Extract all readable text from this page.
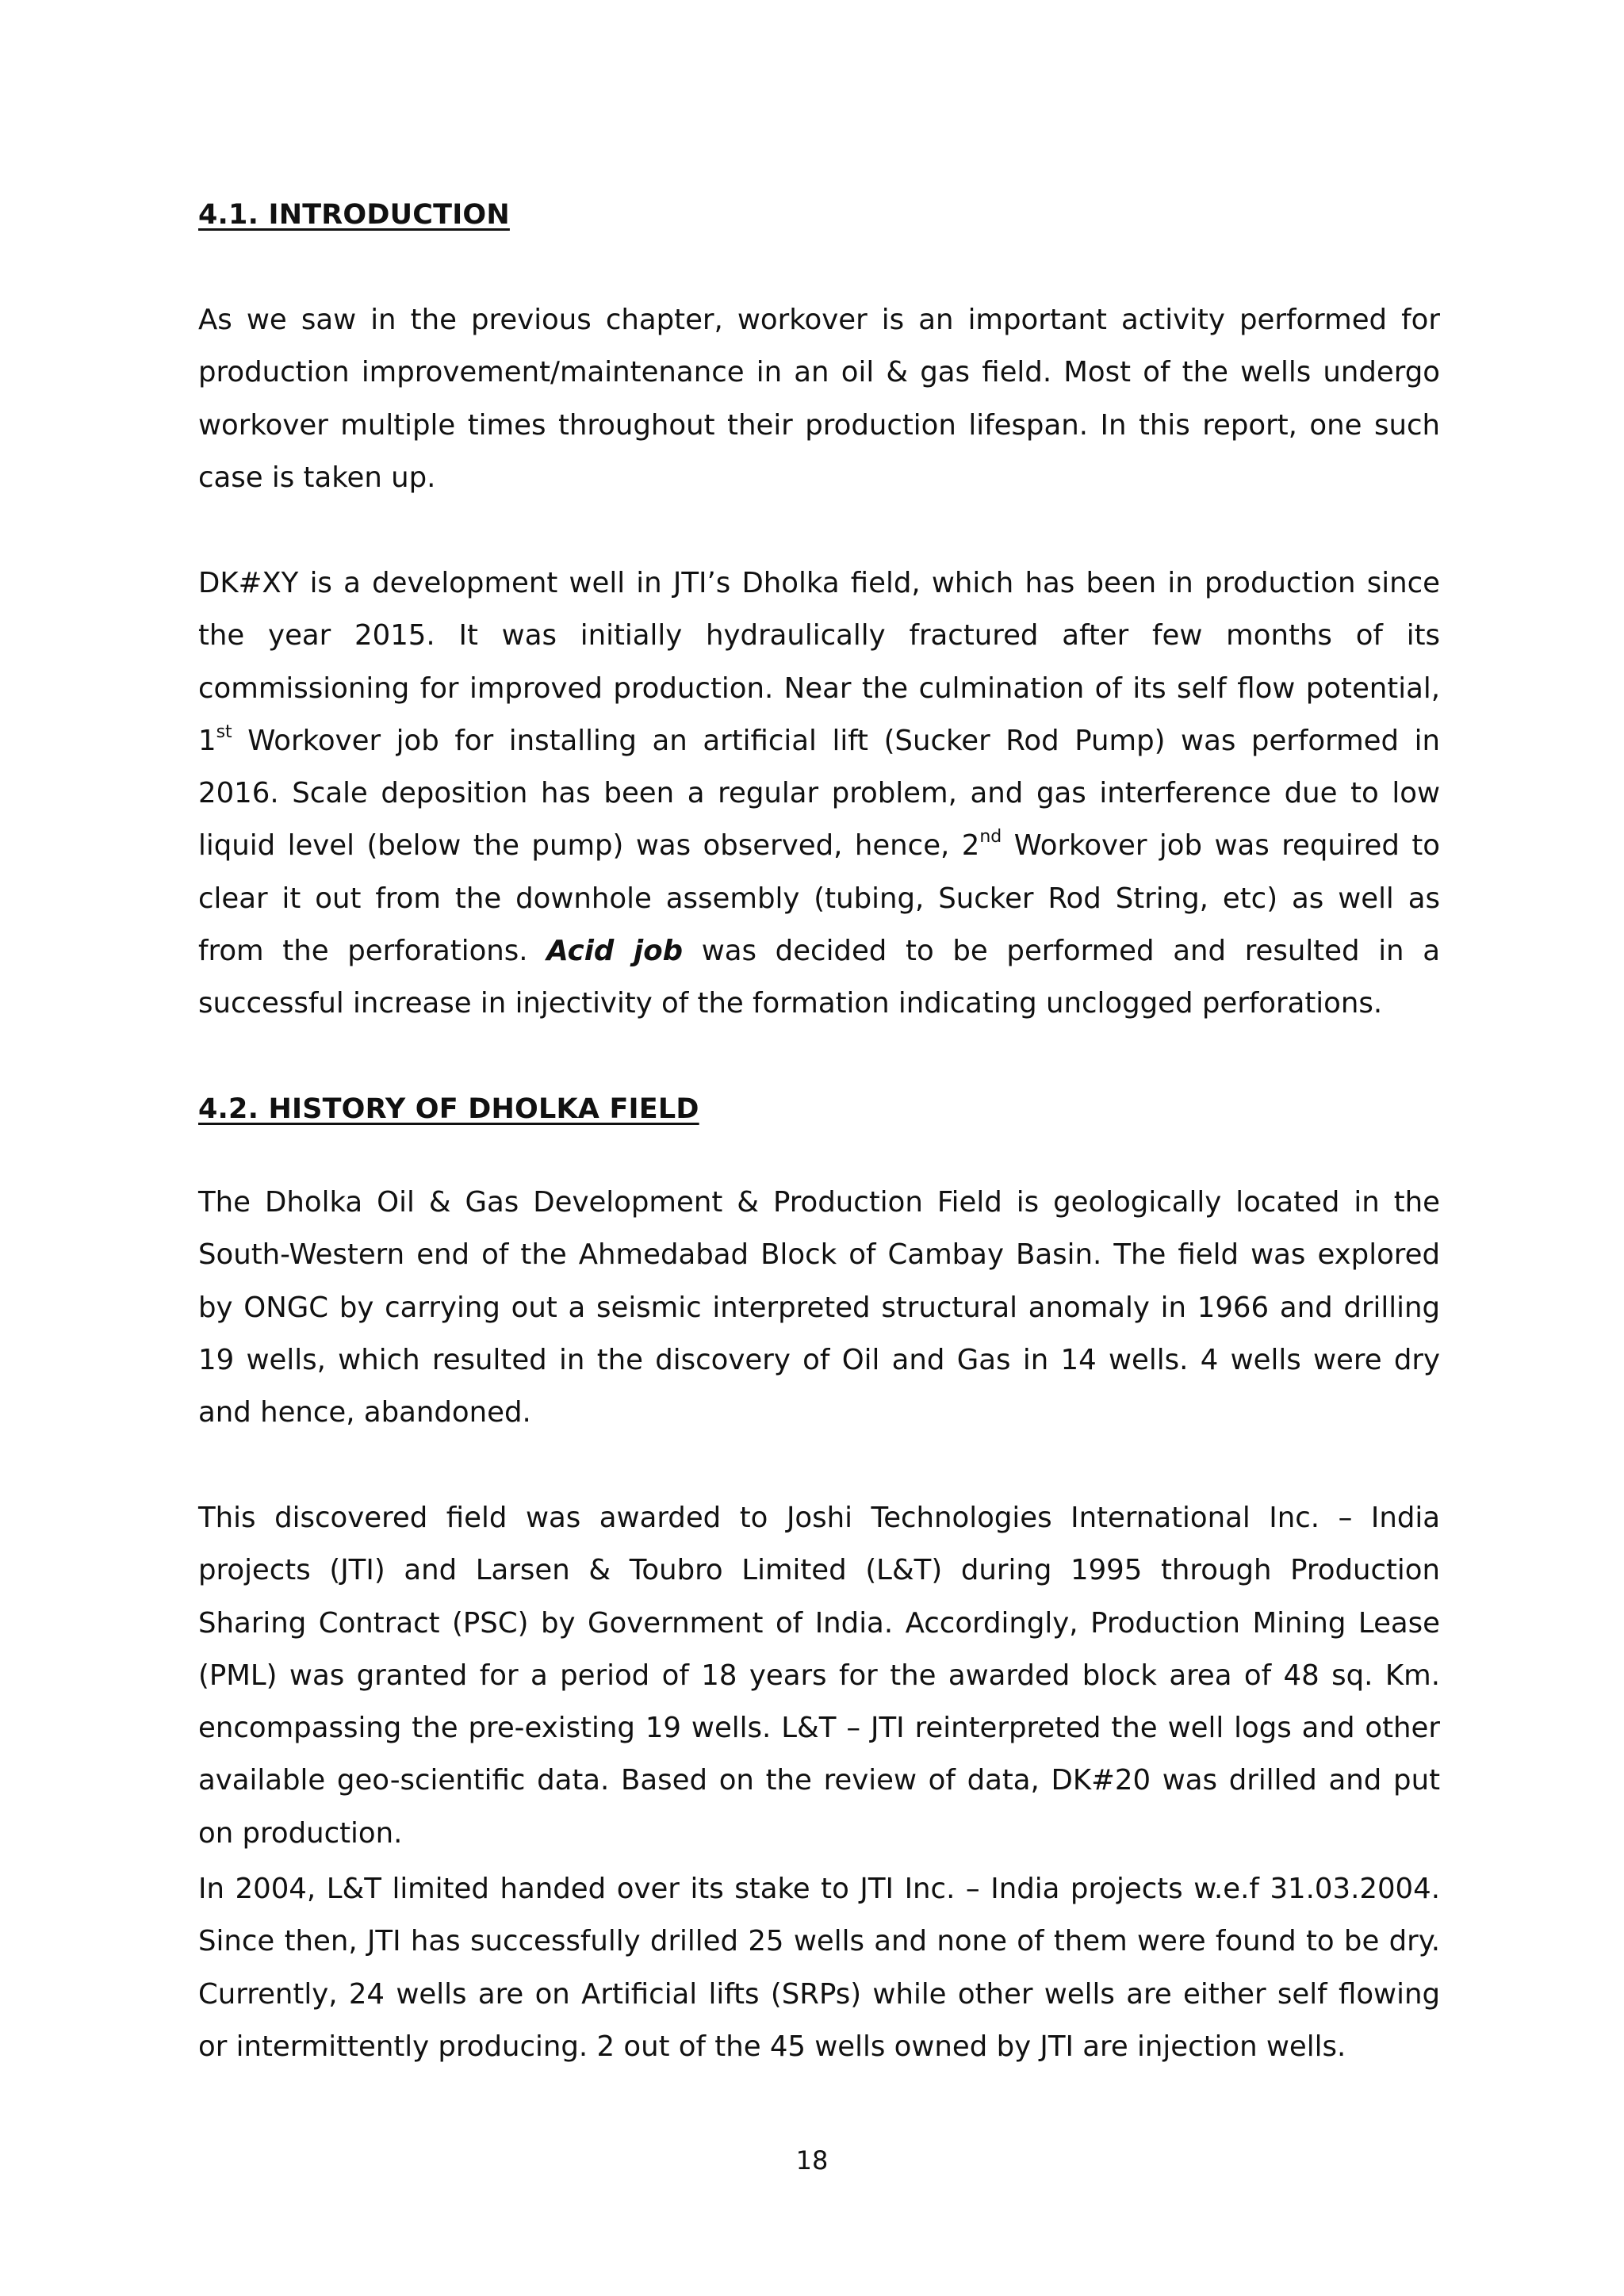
4.1. INTRODUCTION

As we saw in the previous chapter, workover is an important activity performed for production improvement/maintenance in an oil & gas field. Most of the wells undergo workover multiple times throughout their production lifespan. In this report, one such case is taken up.

DK#XY is a development well in JTI’s Dholka field, which has been in production since the year 2015. It was initially hydraulically fractured after few months of its commissioning for improved production. Near the culmination of its self flow potential, 1st Workover job for installing an artificial lift (Sucker Rod Pump) was performed in 2016. Scale deposition has been a regular problem, and gas interference due to low liquid level (below the pump) was observed, hence, 2nd Workover job was required to clear it out from the downhole assembly (tubing, Sucker Rod String, etc) as well as from the perforations. Acid job was decided to be performed and resulted in a successful increase in injectivity of the formation indicating unclogged perforations.

4.2. HISTORY OF DHOLKA FIELD

The Dholka Oil & Gas Development & Production Field is geologically located in the South-Western end of the Ahmedabad Block of Cambay Basin. The field was explored by ONGC by carrying out a seismic interpreted structural anomaly in 1966 and drilling 19 wells, which resulted in the discovery of Oil and Gas in 14 wells. 4 wells were dry and hence, abandoned.

This discovered field was awarded to Joshi Technologies International Inc. – India projects (JTI) and Larsen & Toubro Limited (L&T) during 1995 through Production Sharing Contract (PSC) by Government of India. Accordingly, Production Mining Lease (PML) was granted for a period of 18 years for the awarded block area of 48 sq. Km. encompassing the pre-existing 19 wells. L&T – JTI reinterpreted the well logs and other available geo-scientific data. Based on the review of data, DK#20 was drilled and put on production.

In 2004, L&T limited handed over its stake to JTI Inc. – India projects w.e.f 31.03.2004. Since then, JTI has successfully drilled 25 wells and none of them were found to be dry. Currently, 24 wells are on Artificial lifts (SRPs) while other wells are either self flowing or intermittently producing. 2 out of the 45 wells owned by JTI are injection wells.

18
